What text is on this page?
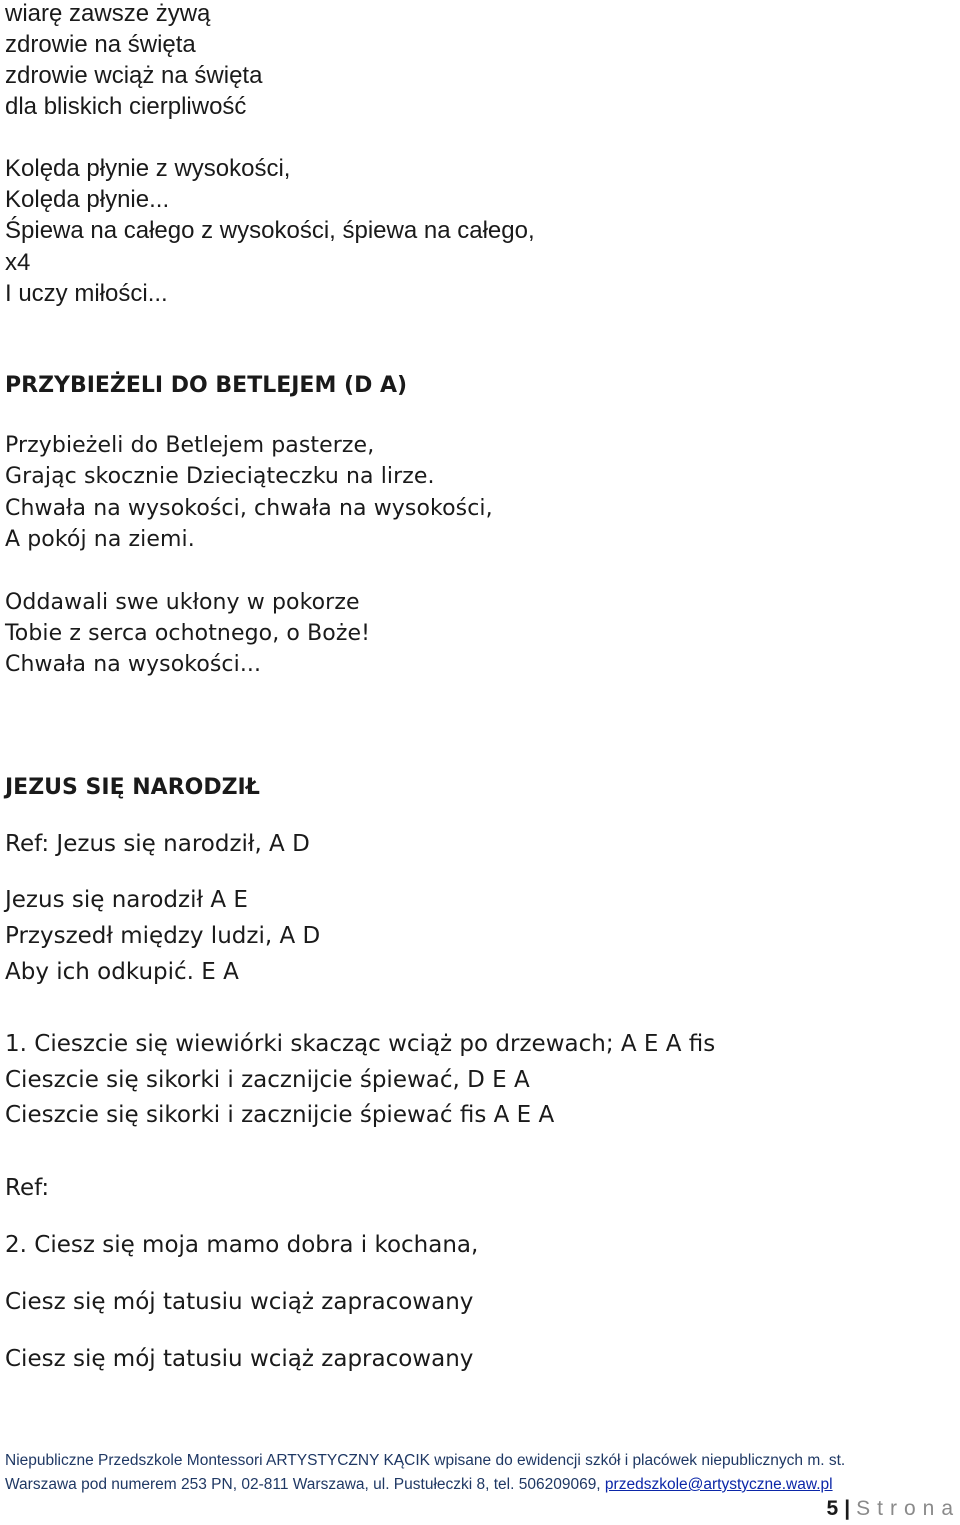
wiarę zawsze żywą
zdrowie na święta
zdrowie wciąż na święta
dla bliskich cierpliwość
Kolęda płynie z wysokości,
Kolęda płynie...
Śpiewa na całego z wysokości, śpiewa na całego,
x4
I uczy miłości...
PRZYBIEŻELI DO BETLEJEM (D A)
Przybieżeli do Betlejem pasterze,
Grając skocznie Dzieciąteczku na lirze.
Chwała na wysokości, chwała na wysokości,
A pokój na ziemi.
Oddawali swe ukłony w pokorze
Tobie z serca ochotnego, o Boże!
Chwała na wysokości...
JEZUS SIĘ NARODZIŁ
Ref: Jezus się narodził, A D
Jezus się narodził A E
Przyszedł między ludzi, A D
Aby ich odkupić. E A
1. Cieszcie się wiewiórki skacząc wciąż po drzewach; A E A fis
Cieszcie się sikorki i zacznijcie śpiewać, D E A
Cieszcie się sikorki i zacznijcie śpiewać fis A E A
Ref:
2. Ciesz się moja mamo dobra i kochana,
Ciesz się mój tatusiu wciąż zapracowany
Ciesz się mój tatusiu wciąż zapracowany
Niepubliczne Przedszkole Montessori ARTYSTYCZNY KĄCIK wpisane do ewidencji szkół i placówek niepublicznych m. st.
Warszawa pod numerem 253 PN, 02-811 Warszawa, ul. Pustułeczki 8, tel. 506209069, przedszkole@artystyczne.waw.pl
5 | Strona
